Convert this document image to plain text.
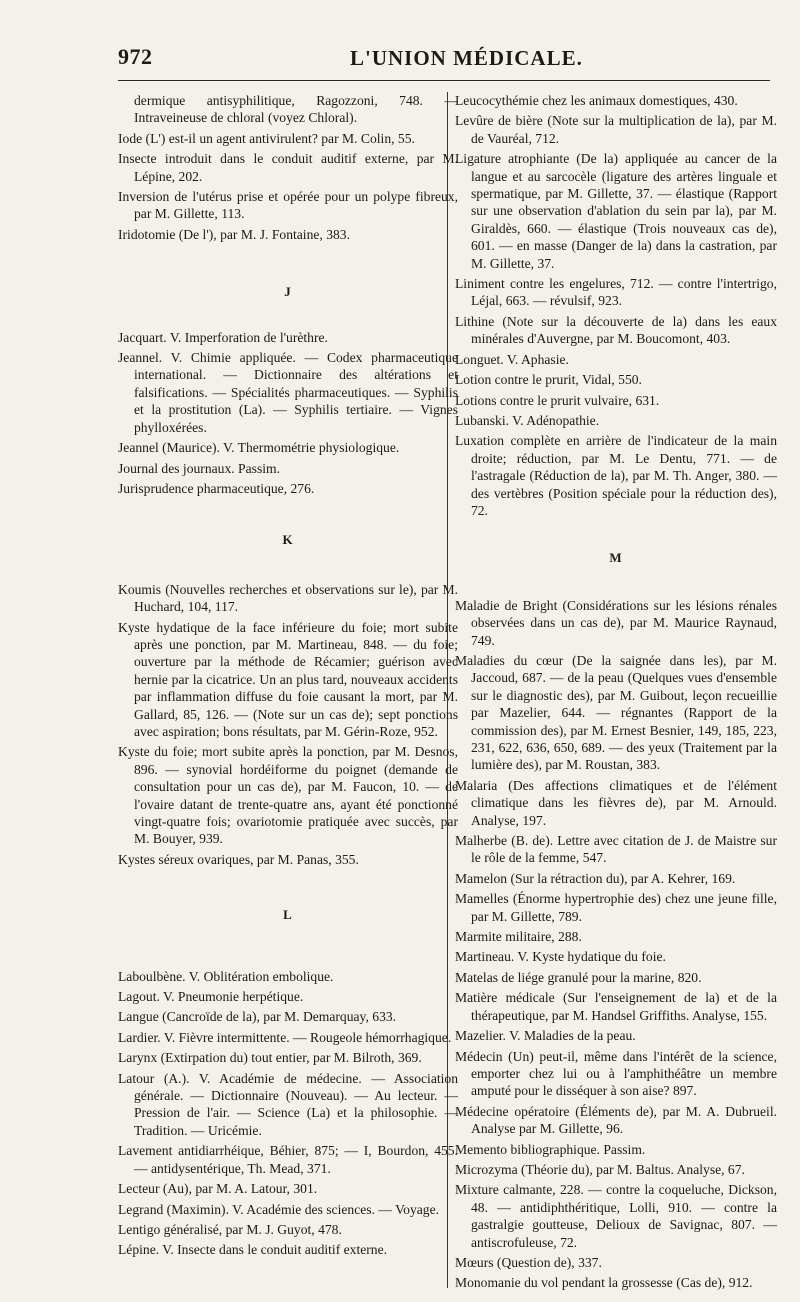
972	L'UNION MÉDICALE.

dermique antisyphilitique, Ragozzoni, 748. — Intraveineuse de chloral (voyez Chloral).

Iode (L') est-il un agent antivirulent? par M. Colin, 55.

Insecte introduit dans le conduit auditif externe, par M. Lépine, 202.

Inversion de l'utérus prise et opérée pour un polype fibreux, par M. Gillette, 113.

Iridotomie (De l'), par M. J. Fontaine, 383.

J

Jacquart. V. Imperforation de l'urèthre.

Jeannel. V. Chimie appliquée. — Codex pharmaceutique international. — Dictionnaire des altérations et falsifications. — Spécialités pharmaceutiques. — Syphilis et la prostitution (La). — Syphilis tertiaire. — Vignes phylloxérées.

Jeannel (Maurice). V. Thermométrie physiologique.

Journal des journaux. Passim.

Jurisprudence pharmaceutique, 276.

K

Koumis (Nouvelles recherches et observations sur le), par M. Huchard, 104, 117.

Kyste hydatique de la face inférieure du foie; mort subite après une ponction, par M. Martineau, 848. — du foie; ouverture par la méthode de Récamier; guérison avec hernie par la cicatrice. Un an plus tard, nouveaux accidents par inflammation diffuse du foie causant la mort, par M. Gallard, 85, 126. — (Note sur un cas de); sept ponctions avec aspiration; bons résultats, par M. Gérin-Roze, 952.

Kyste du foie; mort subite après la ponction, par M. Desnos, 896. — synovial hordéiforme du poignet (demande de consultation pour un cas de), par M. Faucon, 10. — de l'ovaire datant de trente-quatre ans, ayant été ponctionné vingt-quatre fois; ovariotomie pratiquée avec succès, par M. Bouyer, 939.

Kystes séreux ovariques, par M. Panas, 355.

L

Laboulbène. V. Oblitération embolique.

Lagout. V. Pneumonie herpétique.

Langue (Cancroïde de la), par M. Demarquay, 633.

Lardier. V. Fièvre intermittente. — Rougeole hémorrhagique.

Larynx (Extirpation du) tout entier, par M. Bilroth, 369.

Latour (A.). V. Académie de médecine. — Association générale. — Dictionnaire (Nouveau). — Au lecteur. — Pression de l'air. — Science (La) et la philosophie. — Tradition. — Uricémie.

Lavement antidiarrhéique, Béhier, 875; — I, Bourdon, 455. — antidysentérique, Th. Mead, 371.

Lecteur (Au), par M. A. Latour, 301.

Legrand (Maximin). V. Académie des sciences. — Voyage.

Lentigo généralisé, par M. J. Guyot, 478.

Lépine. V. Insecte dans le conduit auditif externe.

Leucocythémie chez les animaux domestiques, 430.

Levûre de bière (Note sur la multiplication de la), par M. de Vauréal, 712.

Ligature atrophiante (De la) appliquée au cancer de la langue et au sarcocèle (ligature des artères linguale et spermatique, par M. Gillette, 37. — élastique (Rapport sur une observation d'ablation du sein par la), par M. Giraldès, 660. — élastique (Trois nouveaux cas de), 601. — en masse (Danger de la) dans la castration, par M. Gillette, 37.

Liniment contre les engelures, 712. — contre l'intertrigo, Léjal, 663. — révulsif, 923.

Lithine (Note sur la découverte de la) dans les eaux minérales d'Auvergne, par M. Boucomont, 403.

Longuet. V. Aphasie.

Lotion contre le prurit, Vidal, 550.

Lotions contre le prurit vulvaire, 631.

Lubanski. V. Adénopathie.

Luxation complète en arrière de l'indicateur de la main droite; réduction, par M. Le Dentu, 771. — de l'astragale (Réduction de la), par M. Th. Anger, 380. — des vertèbres (Position spéciale pour la réduction des), 72.

M

Maladie de Bright (Considérations sur les lésions rénales observées dans un cas de), par M. Maurice Raynaud, 749.

Maladies du cœur (De la saignée dans les), par M. Jaccoud, 687. — de la peau (Quelques vues d'ensemble sur le diagnostic des), par M. Guibout, leçon recueillie par Mazelier, 644. — régnantes (Rapport de la commission des), par M. Ernest Besnier, 149, 185, 223, 231, 622, 636, 650, 689. — des yeux (Traitement par la lumière des), par M. Roustan, 383.

Malaria (Des affections climatiques et de l'élément climatique dans les fièvres de), par M. Arnould. Analyse, 197.

Malherbe (B. de). Lettre avec citation de J. de Maistre sur le rôle de la femme, 547.

Mamelon (Sur la rétraction du), par A. Kehrer, 169.

Mamelles (Énorme hypertrophie des) chez une jeune fille, par M. Gillette, 789.

Marmite militaire, 288.

Martineau. V. Kyste hydatique du foie.

Matelas de liége granulé pour la marine, 820.

Matière médicale (Sur l'enseignement de la) et de la thérapeutique, par M. Handsel Griffiths. Analyse, 155.

Mazelier. V. Maladies de la peau.

Médecin (Un) peut-il, même dans l'intérêt de la science, emporter chez lui ou à l'amphithéâtre un membre amputé pour le disséquer à son aise? 897.

Médecine opératoire (Éléments de), par M. A. Dubrueil. Analyse par M. Gillette, 96.

Memento bibliographique. Passim.

Microzyma (Théorie du), par M. Baltus. Analyse, 67.

Mixture calmante, 228. — contre la coqueluche, Dickson, 48. — antidiphthéritique, Lolli, 910. — contre la gastralgie goutteuse, Delioux de Savignac, 807. — antiscrofuleuse, 72.

Mœurs (Question de), 337.

Monomanie du vol pendant la grossesse (Cas de), 912.
